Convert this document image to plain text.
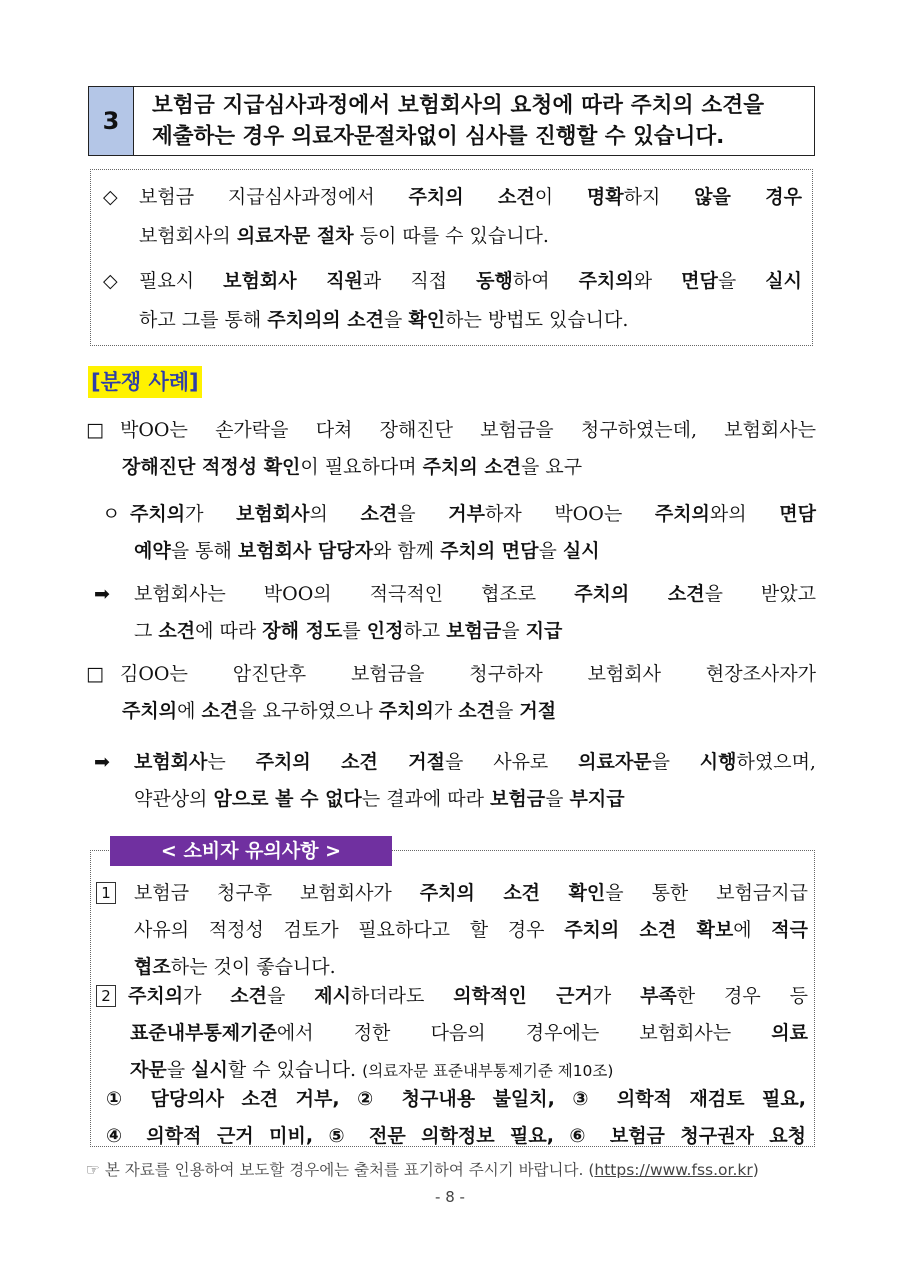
3
보험금 지급심사과정에서 보험회사의 요청에 따라 주치의 소견을
제출하는 경우 의료자문절차없이 심사를 진행할 수 있습니다.
◇ 보험금 지급심사과정에서 주치의 소견이 명확하지 않을 경우
보험회사의 의료자문 절차 등이 따를 수 있습니다.
◇ 필요시 보험회사 직원과 직접 동행하여 주치의와 면담을 실시
하고 그를 통해 주치의의 소견을 확인하는 방법도 있습니다.
[분쟁 사례]
□ 박OO는 손가락을 다쳐 장해진단 보험금을 청구하였는데, 보험회사는
장해진단 적정성 확인이 필요하다며 주치의 소견을 요구
ㅇ 주치의가 보험회사의 소견을 거부하자 박OO는 주치의와의 면담
예약을 통해 보험회사 담당자와 함께 주치의 면담을 실시
➡ 보험회사는 박OO의 적극적인 협조로 주치의 소견을 받았고
그 소견에 따라 장해 정도를 인정하고 보험금을 지급
□ 김OO는 암진단후 보험금을 청구하자 보험회사 현장조사자가
주치의에 소견을 요구하였으나 주치의가 소견을 거절
➡ 보험회사는 주치의 소견 거절을 사유로 의료자문을 시행하였으며,
약관상의 암으로 볼 수 없다는 결과에 따라 보험금을 부지급
< 소비자 유의사항 >
1 보험금 청구후 보험회사가 주치의 소견 확인을 통한 보험금지급
사유의 적정성 검토가 필요하다고 할 경우 주치의 소견 확보에 적극
협조하는 것이 좋습니다.
2 주치의가 소견을 제시하더라도 의학적인 근거가 부족한 경우 등
표준내부통제기준에서 정한 다음의 경우에는 보험회사는 의료
자문을 실시할 수 있습니다. (의료자문 표준내부통제기준 제10조)
① 담당의사 소견 거부, ② 청구내용 불일치, ③ 의학적 재검토 필요,
④ 의학적 근거 미비, ⑤ 전문 의학정보 필요, ⑥ 보험금 청구권자 요청
☞ 본 자료를 인용하여 보도할 경우에는 출처를 표기하여 주시기 바랍니다. (https://www.fss.or.kr)
- 8 -
